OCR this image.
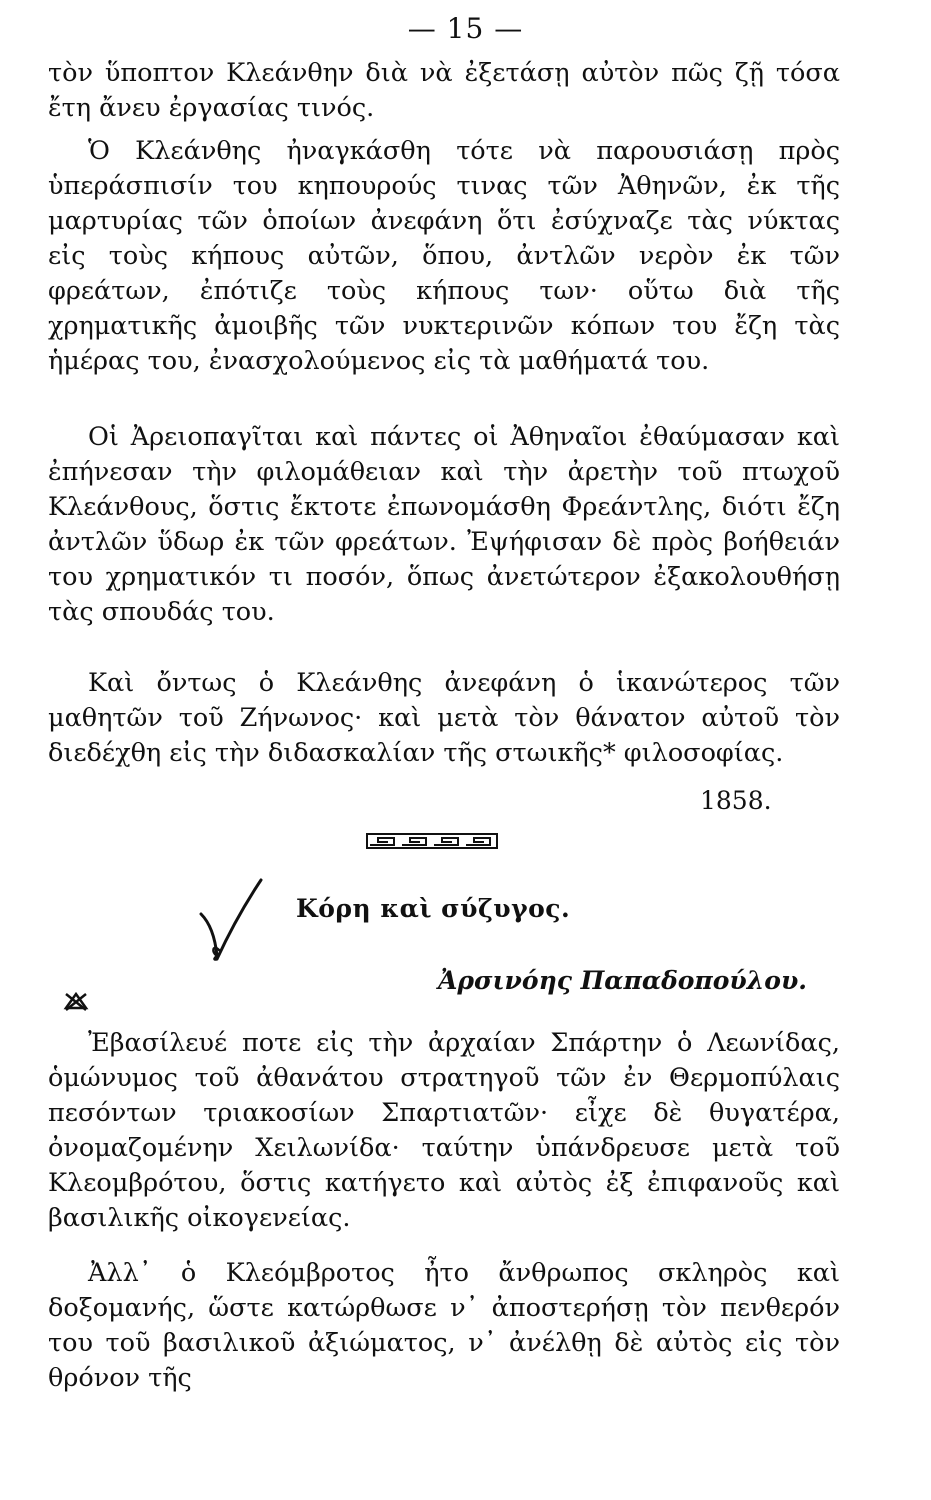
— 15 —

τὸν ὕποπτον Κλεάνθην διὰ νὰ ἐξετάσῃ αὐτὸν πῶς ζῇ τόσα ἔτη ἄνευ ἐργασίας τινός.

Ὁ Κλεάνθης ἠναγκάσθη τότε νὰ παρουσιάσῃ πρὸς ὑπεράσπισίν του κηπουρούς τινας τῶν Ἀθηνῶν, ἐκ τῆς μαρτυρίας τῶν ὁποίων ἀνεφάνη ὅτι ἐσύχναζε τὰς νύκτας εἰς τοὺς κήπους αὐτῶν, ὅπου, ἀντλῶν νερὸν ἐκ τῶν φρεάτων, ἐπότιζε τοὺς κήπους των· οὕτω διὰ τῆς χρηματικῆς ἀμοιβῆς τῶν νυκτερινῶν κόπων του ἔζη τὰς ἡμέρας του, ἐνασχολούμενος εἰς τὰ μαθήματά του.

Οἱ Ἀρειοπαγῖται καὶ πάντες οἱ Ἀθηναῖοι ἐθαύμασαν καὶ ἐπήνεσαν τὴν φιλομάθειαν καὶ τὴν ἀρετὴν τοῦ πτωχοῦ Κλεάνθους, ὅστις ἔκτοτε ἐπωνομάσθη Φρεάντλης, διότι ἔζη ἀντλῶν ὕδωρ ἐκ τῶν φρεάτων. Ἐψήφισαν δὲ πρὸς βοήθειάν του χρηματικόν τι ποσόν, ὅπως ἀνετώτερον ἐξακολουθήσῃ τὰς σπουδάς του.

Καὶ ὄντως ὁ Κλεάνθης ἀνεφάνη ὁ ἱκανώτερος τῶν μαθητῶν τοῦ Ζήνωνος· καὶ μετὰ τὸν θάνατον αὐτοῦ τὸν διεδέχθη εἰς τὴν διδασκαλίαν τῆς στωικῆς* φιλοσοφίας.

1858.
Κόρη καὶ σύζυγος.
Ἀρσινόης Παπαδοπούλου.

Ἐβασίλευέ ποτε εἰς τὴν ἀρχαίαν Σπάρτην ὁ Λεωνίδας, ὁμώνυμος τοῦ ἀθανάτου στρατηγοῦ τῶν ἐν Θερμοπύλαις πεσόντων τριακοσίων Σπαρτιατῶν· εἶχε δὲ θυγατέρα, ὀνομαζομένην Χειλωνίδα· ταύτην ὑπάνδρευσε μετὰ τοῦ Κλεομβρότου, ὅστις κατήγετο καὶ αὐτὸς ἐξ ἐπιφανοῦς καὶ βασιλικῆς οἰκογενείας.

Ἀλλ᾽ ὁ Κλεόμβροτος ἦτο ἄνθρωπος σκληρὸς καὶ δοξομανής, ὥστε κατώρθωσε ν᾽ ἀποστερήσῃ τὸν πενθερόν του τοῦ βασιλικοῦ ἀξιώματος, ν᾽ ἀνέλθῃ δὲ αὐτὸς εἰς τὸν θρόνον τῆς
